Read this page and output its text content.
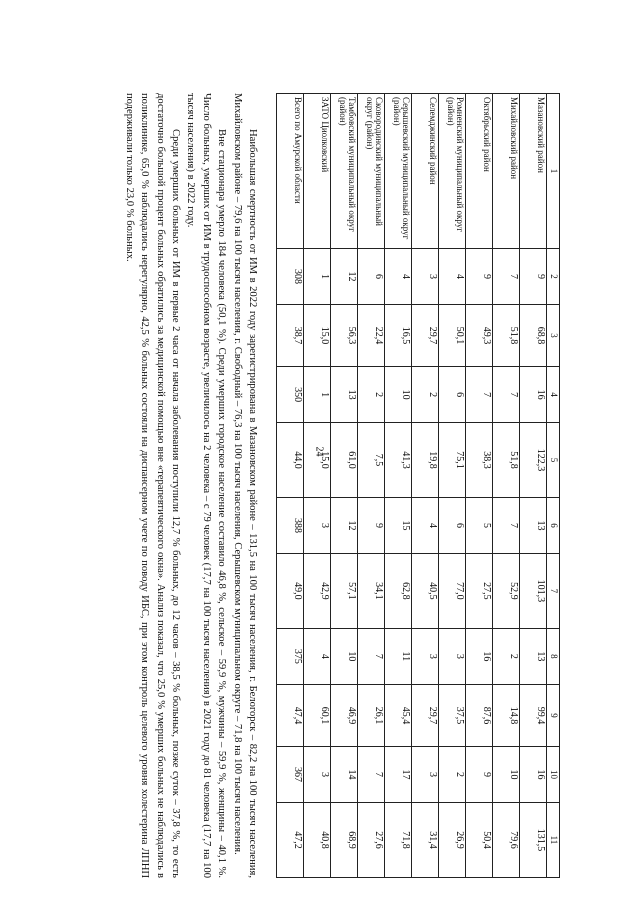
24
1	2	3	4	5	6	7	8	9	10	11
Мазановский район	9	68,8	16	122,3	13	101,3	13	99,4	16	131,5
Михайловский район	7	51,8	7	51,8	7	52,9	2	14,8	10	79,6
Октябрьский район	9	49,3	7	38,3	5	27,5	16	87,6	9	50,4
Ромненский муниципальный округ (район)	4	50,1	6	75,1	6	77,0	3	37,5	2	26,9
Селемджинский район	3	29,7	2	19,8	4	40,5	3	29,7	3	31,4
Серышевский муниципальный округ (район)	4	16,5	10	41,3	15	62,8	11	45,4	17	71,8
Сковородинский муниципальный округ (район)	6	22,4	2	7,5	9	34,1	7	26,1	7	27,6
Тамбовский муниципальный округ (район)	12	56,3	13	61,0	12	57,1	10	46,9	14	68,9
ЗАТО Циолковский	1	15,0	1	15,0	3	42,9	4	60,1	3	40,8
Всего по Амурской области	308	38,7	350	44,0	388	49,0	375	47,4	367	47,2

Наибольшая смертность от ИМ в 2022 году зарегистрирована в Мазановском районе – 131,5 на 100 тысяч населения, г. Белогорск – 82,2 на 100 тысяч населения, Михайловском районе – 79,6 на 100 тысяч населения, г. Свободный – 76,3 на 100 тысяч населения, Серышевском муниципальном округе – 71,8 на 100 тысяч населения.

Вне стационара умерло 184 человека (50,1 %). Среди умерших городское население составило 46,8 %, сельское – 59,9 %, мужчины – 59,9 %, женщины – 40,1 %. Число больных, умерших от ИМ в трудоспособном возрасте, увеличилось на 2 человека – с 79 человек (17,7 на 100 тысяч населения) в 2021 году до 81 человека (17,7 на 100 тысяч населения) в 2022 году.

Среди умерших больных от ИМ в первые 2 часа от начала заболевания поступили 12,7 % больных, до 12 часов – 38,5 % больных, позже суток – 37,8 %, то есть достаточно большой процент больных обратились за медицинской помощью вне «терапевтического окна». Анализ показал, что 25,0 % умерших больных не наблюдались в поликлинике, 65,0 % наблюдались нерегулярно, 42,5 % больных состояли на диспансерном учете по поводу ИБС, при этом контроль целевого уровня холестерина ЛПНП подерживали только 23,0 % больных.
